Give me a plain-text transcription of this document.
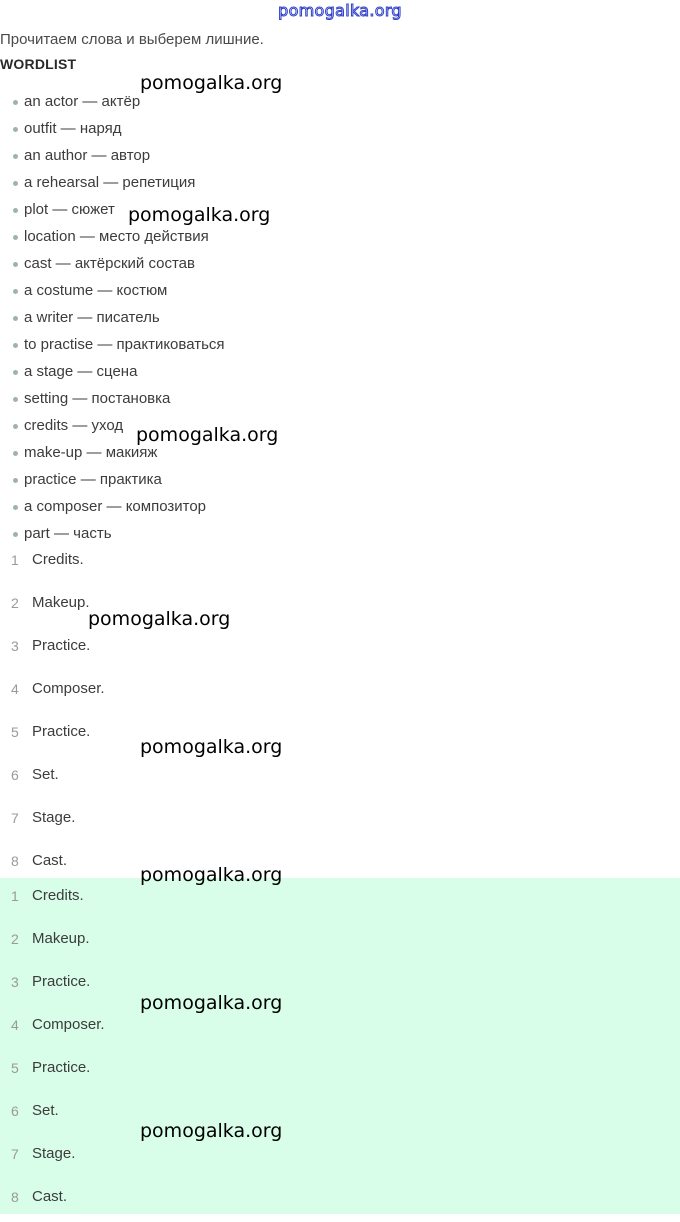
pomogalka.org
Прочитаем слова и выберем лишние.
WORDLIST
an actor — актёр
outfit — наряд
an author — автор
a rehearsal — репетиция
plot — сюжет
location — место действия
cast — актёрский состав
a costume — костюм
a writer — писатель
to practise — практиковаться
a stage — сцена
setting — постановка
credits — уход
make-up — макияж
practice — практика
a composer — композитор
part — часть
1 Credits.
2 Makeup.
3 Practice.
4 Composer.
5 Practice.
6 Set.
7 Stage.
8 Cast.
1 Credits.
2 Makeup.
3 Practice.
4 Composer.
5 Practice.
6 Set.
7 Stage.
8 Cast.
pomogalka.org
pomogalka.org
pomogalka.org
pomogalka.org
pomogalka.org
pomogalka.org
pomogalka.org
pomogalka.org
